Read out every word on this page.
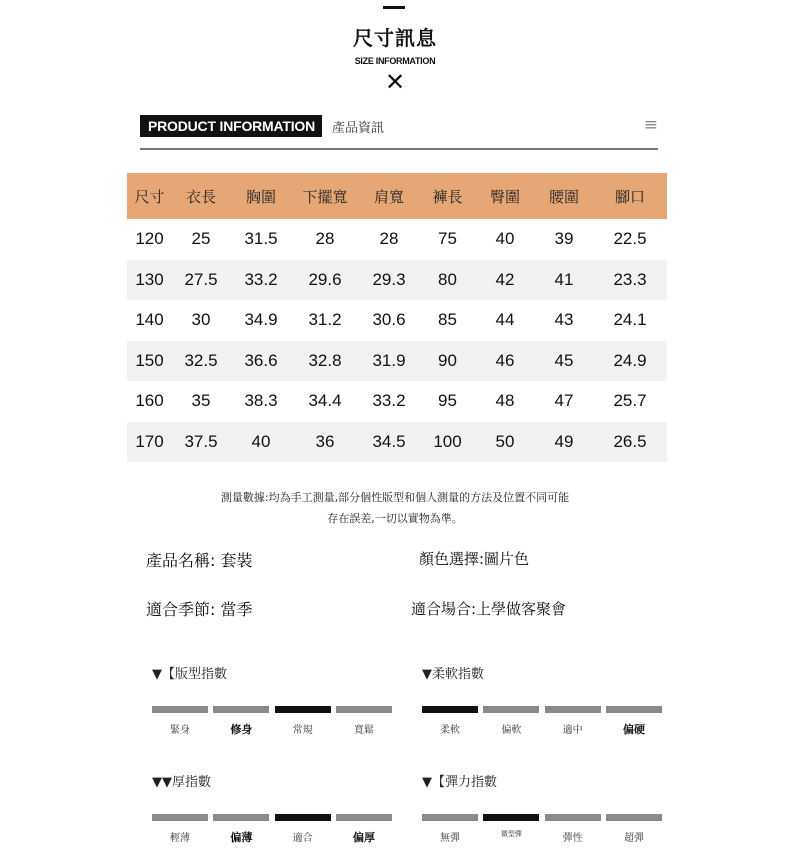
尺寸訊息
SIZE INFORMATION
✕
PRODUCT INFORMATION	產品資訊	≡
尺寸	衣長	胸圍	下擺寬	肩寬	褲長	臀圍	腰圍	腳口
120	25	31.5	28	28	75	40	39	22.5
130	27.5	33.2	29.6	29.3	80	42	41	23.3
140	30	34.9	31.2	30.6	85	44	43	24.1
150	32.5	36.6	32.8	31.9	90	46	45	24.9
160	35	38.3	34.4	33.2	95	48	47	25.7
170	37.5	40	36	34.5	100	50	49	26.5
測量數據:均為手工測量,部分個性版型和個人測量的方法及位置不同可能
存在誤差,一切以實物為準。
產品名稱: 套裝	顏色選擇:圖片色
適合季節: 當季	適合場合:上學做客聚會
▼【版型指數
緊身	修身	常規	寬鬆
▼柔軟指數
柔軟	偏軟	適中	偏硬
▼▼厚指數
輕薄	偏薄	適合	偏厚
▼【彈力指數
無彈	微型彈	彈性	超彈
